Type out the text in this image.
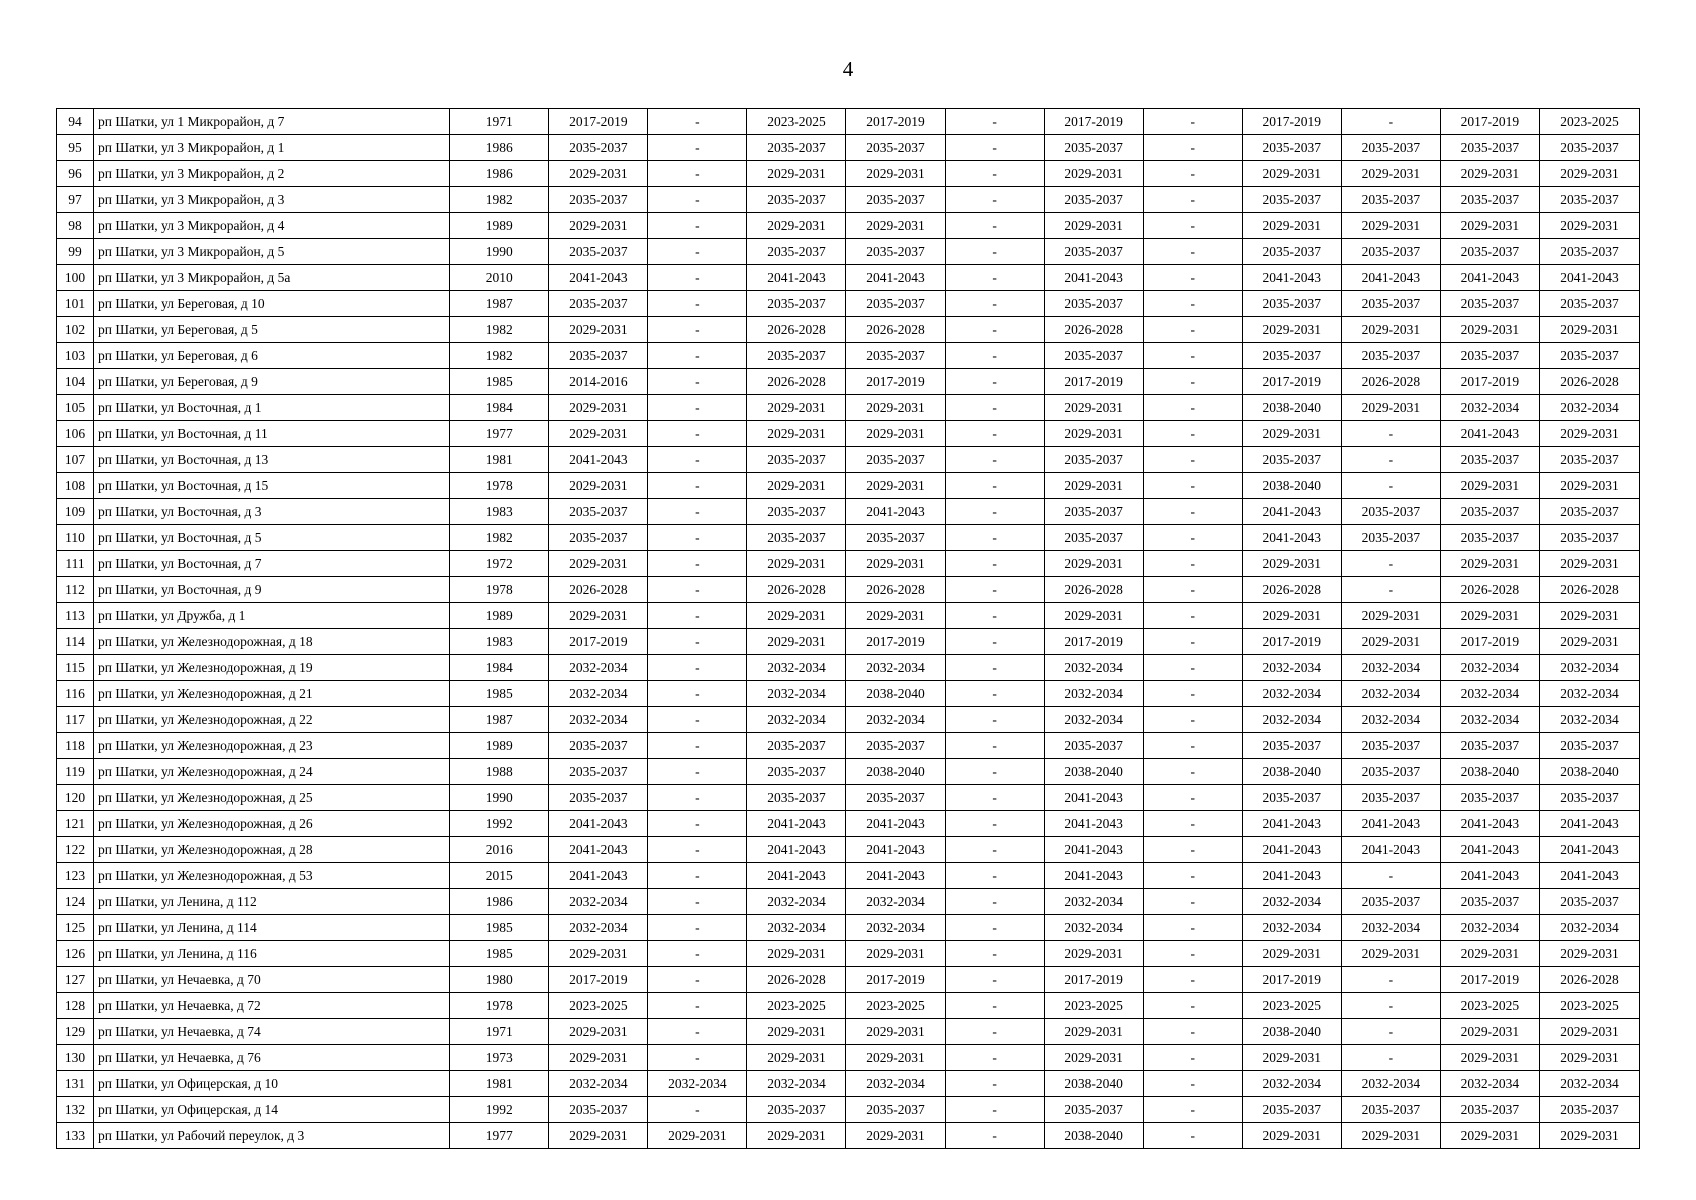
4
94	рп Шатки, ул 1 Микрорайон, д 7	1971	2017-2019	-	2023-2025	2017-2019	-	2017-2019	-	2017-2019	-	2017-2019	2023-2025
95	рп Шатки, ул 3 Микрорайон, д 1	1986	2035-2037	-	2035-2037	2035-2037	-	2035-2037	-	2035-2037	2035-2037	2035-2037	2035-2037
96	рп Шатки, ул 3 Микрорайон, д 2	1986	2029-2031	-	2029-2031	2029-2031	-	2029-2031	-	2029-2031	2029-2031	2029-2031	2029-2031
97	рп Шатки, ул 3 Микрорайон, д 3	1982	2035-2037	-	2035-2037	2035-2037	-	2035-2037	-	2035-2037	2035-2037	2035-2037	2035-2037
98	рп Шатки, ул 3 Микрорайон, д 4	1989	2029-2031	-	2029-2031	2029-2031	-	2029-2031	-	2029-2031	2029-2031	2029-2031	2029-2031
99	рп Шатки, ул 3 Микрорайон, д 5	1990	2035-2037	-	2035-2037	2035-2037	-	2035-2037	-	2035-2037	2035-2037	2035-2037	2035-2037
100	рп Шатки, ул 3 Микрорайон, д 5а	2010	2041-2043	-	2041-2043	2041-2043	-	2041-2043	-	2041-2043	2041-2043	2041-2043	2041-2043
101	рп Шатки, ул Береговая, д 10	1987	2035-2037	-	2035-2037	2035-2037	-	2035-2037	-	2035-2037	2035-2037	2035-2037	2035-2037
102	рп Шатки, ул Береговая, д 5	1982	2029-2031	-	2026-2028	2026-2028	-	2026-2028	-	2029-2031	2029-2031	2029-2031	2029-2031
103	рп Шатки, ул Береговая, д 6	1982	2035-2037	-	2035-2037	2035-2037	-	2035-2037	-	2035-2037	2035-2037	2035-2037	2035-2037
104	рп Шатки, ул Береговая, д 9	1985	2014-2016	-	2026-2028	2017-2019	-	2017-2019	-	2017-2019	2026-2028	2017-2019	2026-2028
105	рп Шатки, ул Восточная, д 1	1984	2029-2031	-	2029-2031	2029-2031	-	2029-2031	-	2038-2040	2029-2031	2032-2034	2032-2034
106	рп Шатки, ул Восточная, д 11	1977	2029-2031	-	2029-2031	2029-2031	-	2029-2031	-	2029-2031	-	2041-2043	2029-2031
107	рп Шатки, ул Восточная, д 13	1981	2041-2043	-	2035-2037	2035-2037	-	2035-2037	-	2035-2037	-	2035-2037	2035-2037
108	рп Шатки, ул Восточная, д 15	1978	2029-2031	-	2029-2031	2029-2031	-	2029-2031	-	2038-2040	-	2029-2031	2029-2031
109	рп Шатки, ул Восточная, д 3	1983	2035-2037	-	2035-2037	2041-2043	-	2035-2037	-	2041-2043	2035-2037	2035-2037	2035-2037
110	рп Шатки, ул Восточная, д 5	1982	2035-2037	-	2035-2037	2035-2037	-	2035-2037	-	2041-2043	2035-2037	2035-2037	2035-2037
111	рп Шатки, ул Восточная, д 7	1972	2029-2031	-	2029-2031	2029-2031	-	2029-2031	-	2029-2031	-	2029-2031	2029-2031
112	рп Шатки, ул Восточная, д 9	1978	2026-2028	-	2026-2028	2026-2028	-	2026-2028	-	2026-2028	-	2026-2028	2026-2028
113	рп Шатки, ул Дружба, д 1	1989	2029-2031	-	2029-2031	2029-2031	-	2029-2031	-	2029-2031	2029-2031	2029-2031	2029-2031
114	рп Шатки, ул Железнодорожная, д 18	1983	2017-2019	-	2029-2031	2017-2019	-	2017-2019	-	2017-2019	2029-2031	2017-2019	2029-2031
115	рп Шатки, ул Железнодорожная, д 19	1984	2032-2034	-	2032-2034	2032-2034	-	2032-2034	-	2032-2034	2032-2034	2032-2034	2032-2034
116	рп Шатки, ул Железнодорожная, д 21	1985	2032-2034	-	2032-2034	2038-2040	-	2032-2034	-	2032-2034	2032-2034	2032-2034	2032-2034
117	рп Шатки, ул Железнодорожная, д 22	1987	2032-2034	-	2032-2034	2032-2034	-	2032-2034	-	2032-2034	2032-2034	2032-2034	2032-2034
118	рп Шатки, ул Железнодорожная, д 23	1989	2035-2037	-	2035-2037	2035-2037	-	2035-2037	-	2035-2037	2035-2037	2035-2037	2035-2037
119	рп Шатки, ул Железнодорожная, д 24	1988	2035-2037	-	2035-2037	2038-2040	-	2038-2040	-	2038-2040	2035-2037	2038-2040	2038-2040
120	рп Шатки, ул Железнодорожная, д 25	1990	2035-2037	-	2035-2037	2035-2037	-	2041-2043	-	2035-2037	2035-2037	2035-2037	2035-2037
121	рп Шатки, ул Железнодорожная, д 26	1992	2041-2043	-	2041-2043	2041-2043	-	2041-2043	-	2041-2043	2041-2043	2041-2043	2041-2043
122	рп Шатки, ул Железнодорожная, д 28	2016	2041-2043	-	2041-2043	2041-2043	-	2041-2043	-	2041-2043	2041-2043	2041-2043	2041-2043
123	рп Шатки, ул Железнодорожная, д 53	2015	2041-2043	-	2041-2043	2041-2043	-	2041-2043	-	2041-2043	-	2041-2043	2041-2043
124	рп Шатки, ул Ленина, д 112	1986	2032-2034	-	2032-2034	2032-2034	-	2032-2034	-	2032-2034	2035-2037	2035-2037	2035-2037
125	рп Шатки, ул Ленина, д 114	1985	2032-2034	-	2032-2034	2032-2034	-	2032-2034	-	2032-2034	2032-2034	2032-2034	2032-2034
126	рп Шатки, ул Ленина, д 116	1985	2029-2031	-	2029-2031	2029-2031	-	2029-2031	-	2029-2031	2029-2031	2029-2031	2029-2031
127	рп Шатки, ул Нечаевка, д 70	1980	2017-2019	-	2026-2028	2017-2019	-	2017-2019	-	2017-2019	-	2017-2019	2026-2028
128	рп Шатки, ул Нечаевка, д 72	1978	2023-2025	-	2023-2025	2023-2025	-	2023-2025	-	2023-2025	-	2023-2025	2023-2025
129	рп Шатки, ул Нечаевка, д 74	1971	2029-2031	-	2029-2031	2029-2031	-	2029-2031	-	2038-2040	-	2029-2031	2029-2031
130	рп Шатки, ул Нечаевка, д 76	1973	2029-2031	-	2029-2031	2029-2031	-	2029-2031	-	2029-2031	-	2029-2031	2029-2031
131	рп Шатки, ул Офицерская, д 10	1981	2032-2034	2032-2034	2032-2034	2032-2034	-	2038-2040	-	2032-2034	2032-2034	2032-2034	2032-2034
132	рп Шатки, ул Офицерская, д 14	1992	2035-2037	-	2035-2037	2035-2037	-	2035-2037	-	2035-2037	2035-2037	2035-2037	2035-2037
133	рп Шатки, ул Рабочий переулок, д 3	1977	2029-2031	2029-2031	2029-2031	2029-2031	-	2038-2040	-	2029-2031	2029-2031	2029-2031	2029-2031
